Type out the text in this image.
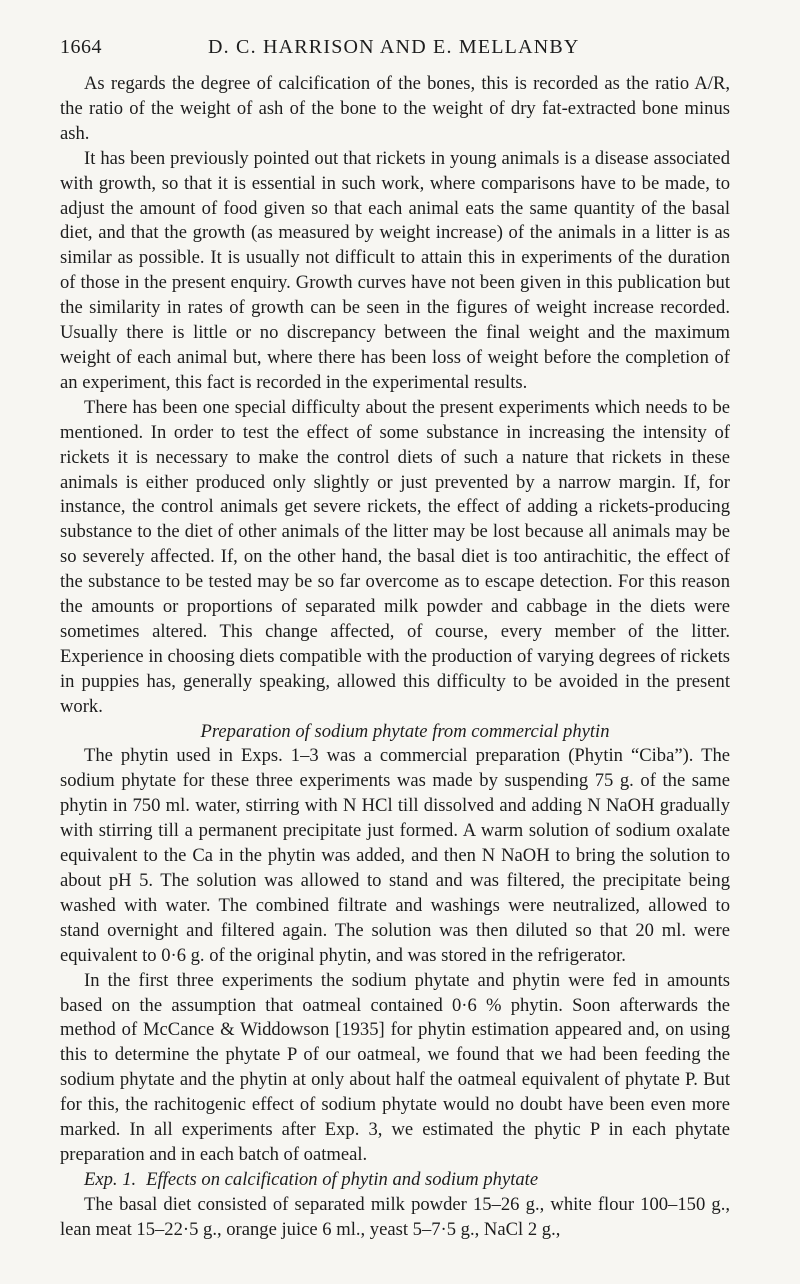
1664	D. C. HARRISON AND E. MELLANBY

As regards the degree of calcification of the bones, this is recorded as the ratio A/R, the ratio of the weight of ash of the bone to the weight of dry fat-extracted bone minus ash.

It has been previously pointed out that rickets in young animals is a disease associated with growth, so that it is essential in such work, where comparisons have to be made, to adjust the amount of food given so that each animal eats the same quantity of the basal diet, and that the growth (as measured by weight increase) of the animals in a litter is as similar as possible. It is usually not difficult to attain this in experiments of the duration of those in the present enquiry. Growth curves have not been given in this publication but the similarity in rates of growth can be seen in the figures of weight increase recorded. Usually there is little or no discrepancy between the final weight and the maximum weight of each animal but, where there has been loss of weight before the completion of an experiment, this fact is recorded in the experimental results.

There has been one special difficulty about the present experiments which needs to be mentioned. In order to test the effect of some substance in increasing the intensity of rickets it is necessary to make the control diets of such a nature that rickets in these animals is either produced only slightly or just prevented by a narrow margin. If, for instance, the control animals get severe rickets, the effect of adding a rickets-producing substance to the diet of other animals of the litter may be lost because all animals may be so severely affected. If, on the other hand, the basal diet is too antirachitic, the effect of the substance to be tested may be so far overcome as to escape detection. For this reason the amounts or proportions of separated milk powder and cabbage in the diets were sometimes altered. This change affected, of course, every member of the litter. Experience in choosing diets compatible with the production of varying degrees of rickets in puppies has, generally speaking, allowed this difficulty to be avoided in the present work.

Preparation of sodium phytate from commercial phytin

The phytin used in Exps. 1–3 was a commercial preparation (Phytin “Ciba”). The sodium phytate for these three experiments was made by suspending 75 g. of the same phytin in 750 ml. water, stirring with N HCl till dissolved and adding N NaOH gradually with stirring till a permanent precipitate just formed. A warm solution of sodium oxalate equivalent to the Ca in the phytin was added, and then N NaOH to bring the solution to about pH 5. The solution was allowed to stand and was filtered, the precipitate being washed with water. The combined filtrate and washings were neutralized, allowed to stand overnight and filtered again. The solution was then diluted so that 20 ml. were equivalent to 0·6 g. of the original phytin, and was stored in the refrigerator.

In the first three experiments the sodium phytate and phytin were fed in amounts based on the assumption that oatmeal contained 0·6 % phytin. Soon afterwards the method of McCance & Widdowson [1935] for phytin estimation appeared and, on using this to determine the phytate P of our oatmeal, we found that we had been feeding the sodium phytate and the phytin at only about half the oatmeal equivalent of phytate P. But for this, the rachitogenic effect of sodium phytate would no doubt have been even more marked. In all experiments after Exp. 3, we estimated the phytic P in each phytate preparation and in each batch of oatmeal.

Exp. 1. Effects on calcification of phytin and sodium phytate

The basal diet consisted of separated milk powder 15–26 g., white flour 100–150 g., lean meat 15–22·5 g., orange juice 6 ml., yeast 5–7·5 g., NaCl 2 g.,
